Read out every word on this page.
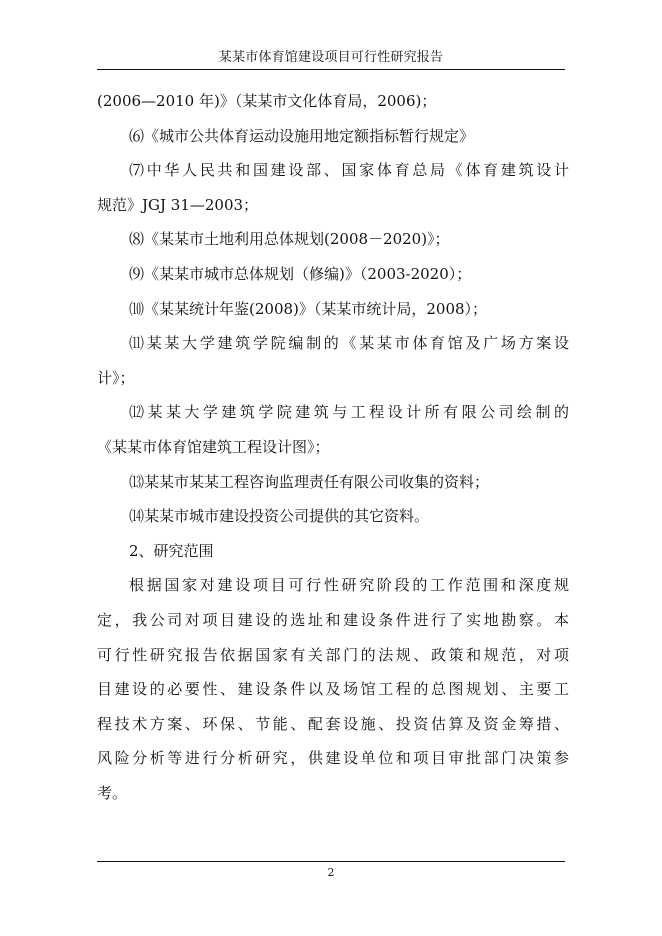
某某市体育馆建设项目可行性研究报告
(2006—2010 年)》（某某市文化体育局，2006)；
⑹《城市公共体育运动设施用地定额指标暂行规定》
⑺中华人民共和国建设部、国家体育总局《体育建筑设计
规范》JGJ 31—2003；
⑻《某某市土地利用总体规划(2008－2020)》；
⑼《某某市城市总体规划（修编)》（2003-2020）；
⑽《某某统计年鉴(2008)》（某某市统计局，2008）；
⑾某某大学建筑学院编制的《某某市体育馆及广场方案设
计》；
⑿某某大学建筑学院建筑与工程设计所有限公司绘制的
《某某市体育馆建筑工程设计图》；
⒀某某市某某工程咨询监理责任有限公司收集的资料；
⒁某某市城市建设投资公司提供的其它资料。
2、研究范围
根据国家对建设项目可行性研究阶段的工作范围和深度规
定，我公司对项目建设的选址和建设条件进行了实地勘察。本
可行性研究报告依据国家有关部门的法规、政策和规范，对项
目建设的必要性、建设条件以及场馆工程的总图规划、主要工
程技术方案、环保、节能、配套设施、投资估算及资金筹措、
风险分析等进行分析研究，供建设单位和项目审批部门决策参
考。
2
